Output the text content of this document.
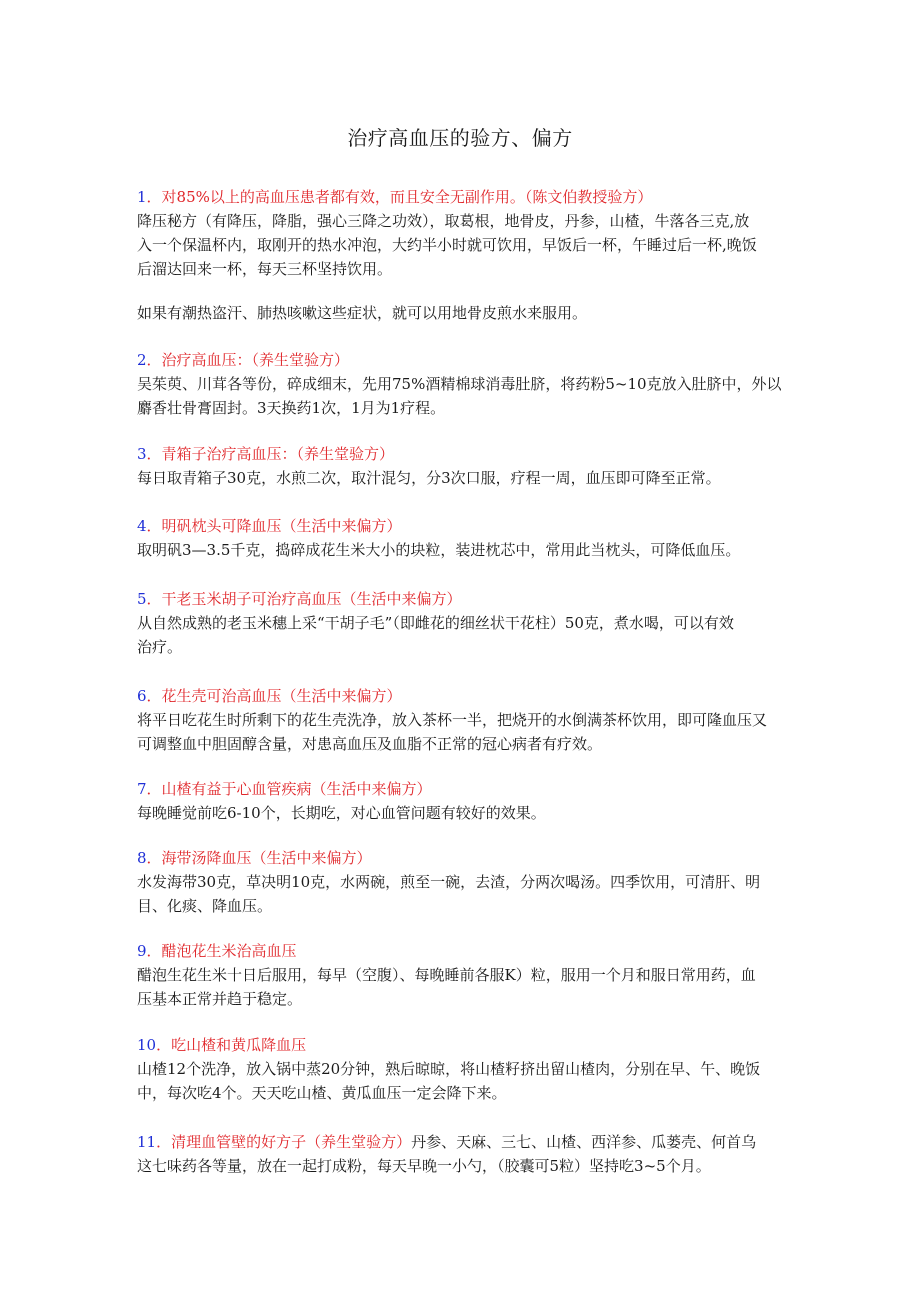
治疗高血压的验方、偏方
1．对85%以上的高血压患者都有效，而且安全无副作用。（陈文伯教授验方）
降压秘方（有降压，降脂，强心三降之功效），取葛根，地骨皮，丹参，山楂，牛落各三克,放
入一个保温杯内，取刚开的热水冲泡，大约半小时就可饮用，早饭后一杯，午睡过后一杯,晚饭
后溜达回来一杯，每天三杯坚持饮用。
如果有潮热盗汗、肺热咳嗽这些症状，就可以用地骨皮煎水来服用。
2．治疗高血压：（养生堂验方）
吴茱萸、川茸各等份，碎成细末，先用75%酒精棉球消毒肚脐，将药粉5~10克放入肚脐中，外以
麝香壮骨膏固封。3天换药1次，1月为1疗程。
3．青箱子治疗高血压：（养生堂验方）
每日取青箱子30克，水煎二次，取汁混匀，分3次口服，疗程一周，血压即可降至正常。
4．明矾枕头可降血压（生活中来偏方）
取明矾3—3.5千克，捣碎成花生米大小的块粒，装进枕芯中，常用此当枕头，可降低血压。
5．干老玉米胡子可治疗高血压（生活中来偏方）
从自然成熟的老玉米穗上采“干胡子毛”（即雌花的细丝状干花柱）50克，煮水喝，可以有效
治疗。
6．花生壳可治高血压（生活中来偏方）
将平日吃花生时所剩下的花生壳洗净，放入茶杯一半，把烧开的水倒满茶杯饮用，即可隆血压又
可调整血中胆固醇含量，对患高血压及血脂不正常的冠心病者有疗效。
7．山楂有益于心血管疾病（生活中来偏方）
每晚睡觉前吃6-10个，长期吃，对心血管问题有较好的效果。
8．海带汤降血压（生活中来偏方）
水发海带30克，草决明10克，水两碗，煎至一碗，去渣，分两次喝汤。四季饮用，可清肝、明
目、化痰、降血压。
9．醋泡花生米治高血压
醋泡生花生米十日后服用，每早（空腹）、每晚睡前各服K）粒，服用一个月和服日常用药，血
压基本正常并趋于稳定。
10．吃山楂和黄瓜降血压
山楂12个洗净，放入锅中蒸20分钟，熟后晾晾，将山楂籽挤出留山楂肉，分别在早、午、晚饭
中，每次吃4个。天天吃山楂、黄瓜血压一定会降下来。
11．清理血管壁的好方子（养生堂验方）丹参、天麻、三七、山楂、西洋参、瓜蒌壳、何首乌
这七味药各等量，放在一起打成粉，每天早晚一小勺，（胶囊可5粒）坚持吃3~5个月。
